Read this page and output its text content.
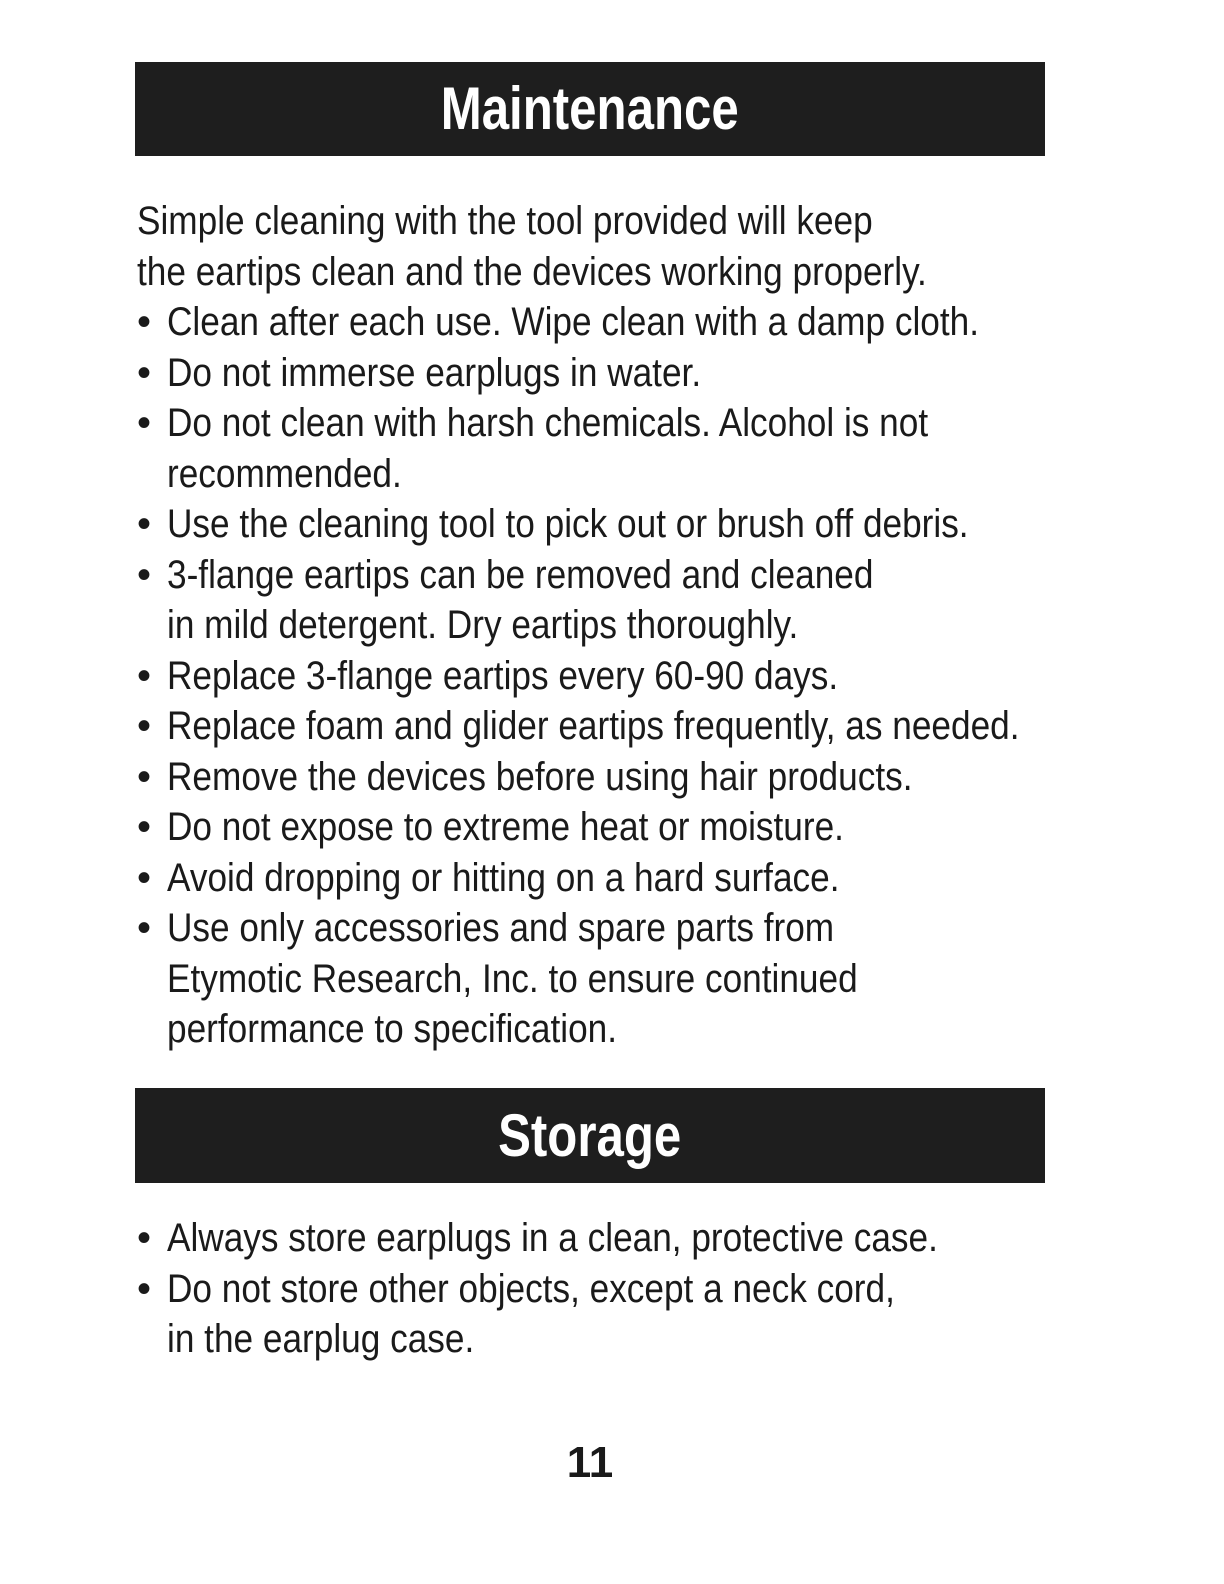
Maintenance
Simple cleaning with the tool provided will keep
the eartips clean and the devices working properly.
• Clean after each use. Wipe clean with a damp cloth.
• Do not immerse earplugs in water.
• Do not clean with harsh chemicals. Alcohol is not
recommended.
• Use the cleaning tool to pick out or brush off debris.
• 3-flange eartips can be removed and cleaned
in mild detergent. Dry eartips thoroughly.
• Replace 3-flange eartips every 60-90 days.
• Replace foam and glider eartips frequently, as needed.
• Remove the devices before using hair products.
• Do not expose to extreme heat or moisture.
• Avoid dropping or hitting on a hard surface.
• Use only accessories and spare parts from
Etymotic Research, Inc. to ensure continued
performance to specification.
Storage
• Always store earplugs in a clean, protective case.
• Do not store other objects, except a neck cord,
in the earplug case.
11
